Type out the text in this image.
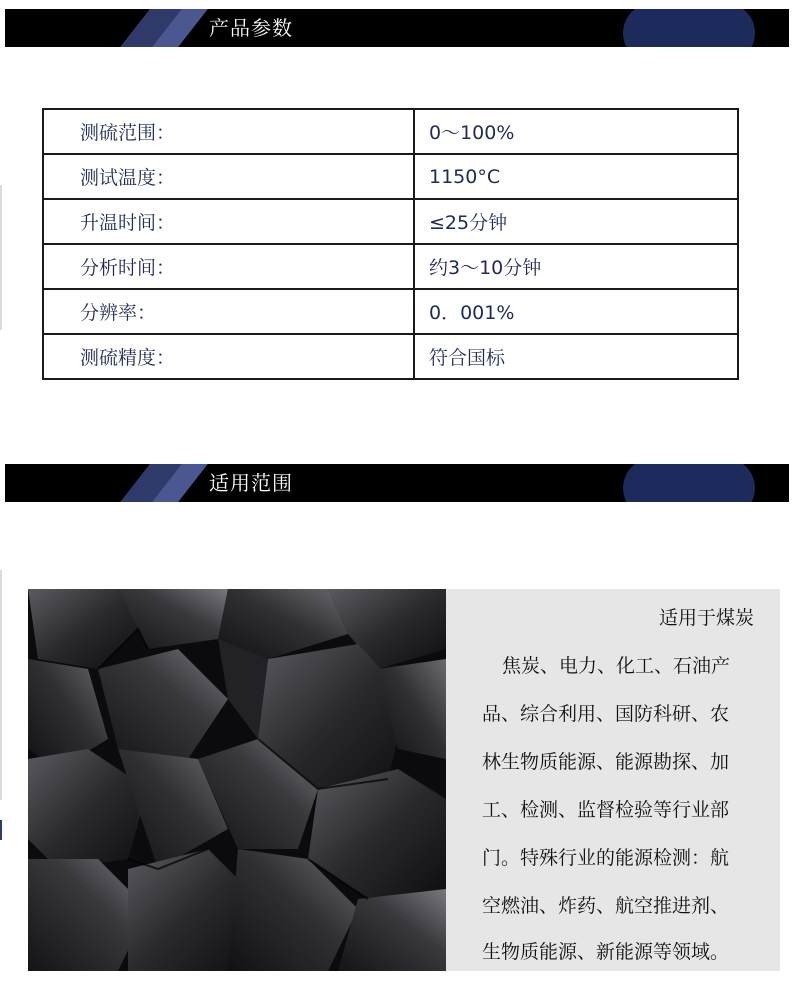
产品参数
测硫范围：	0～100%
测试温度：	1150°C
升温时间：	≤25分钟
分析时间：	约3～10分钟
分辨率：	0．001%
测硫精度：	符合国标
适用范围
适用于煤炭
焦炭、电力、化工、石油产
品、综合利用、国防科研、农
林生物质能源、能源勘探、加
工、检测、监督检验等行业部
门。特殊行业的能源检测：航
空燃油、炸药、航空推进剂、
生物质能源、新能源等领域。
